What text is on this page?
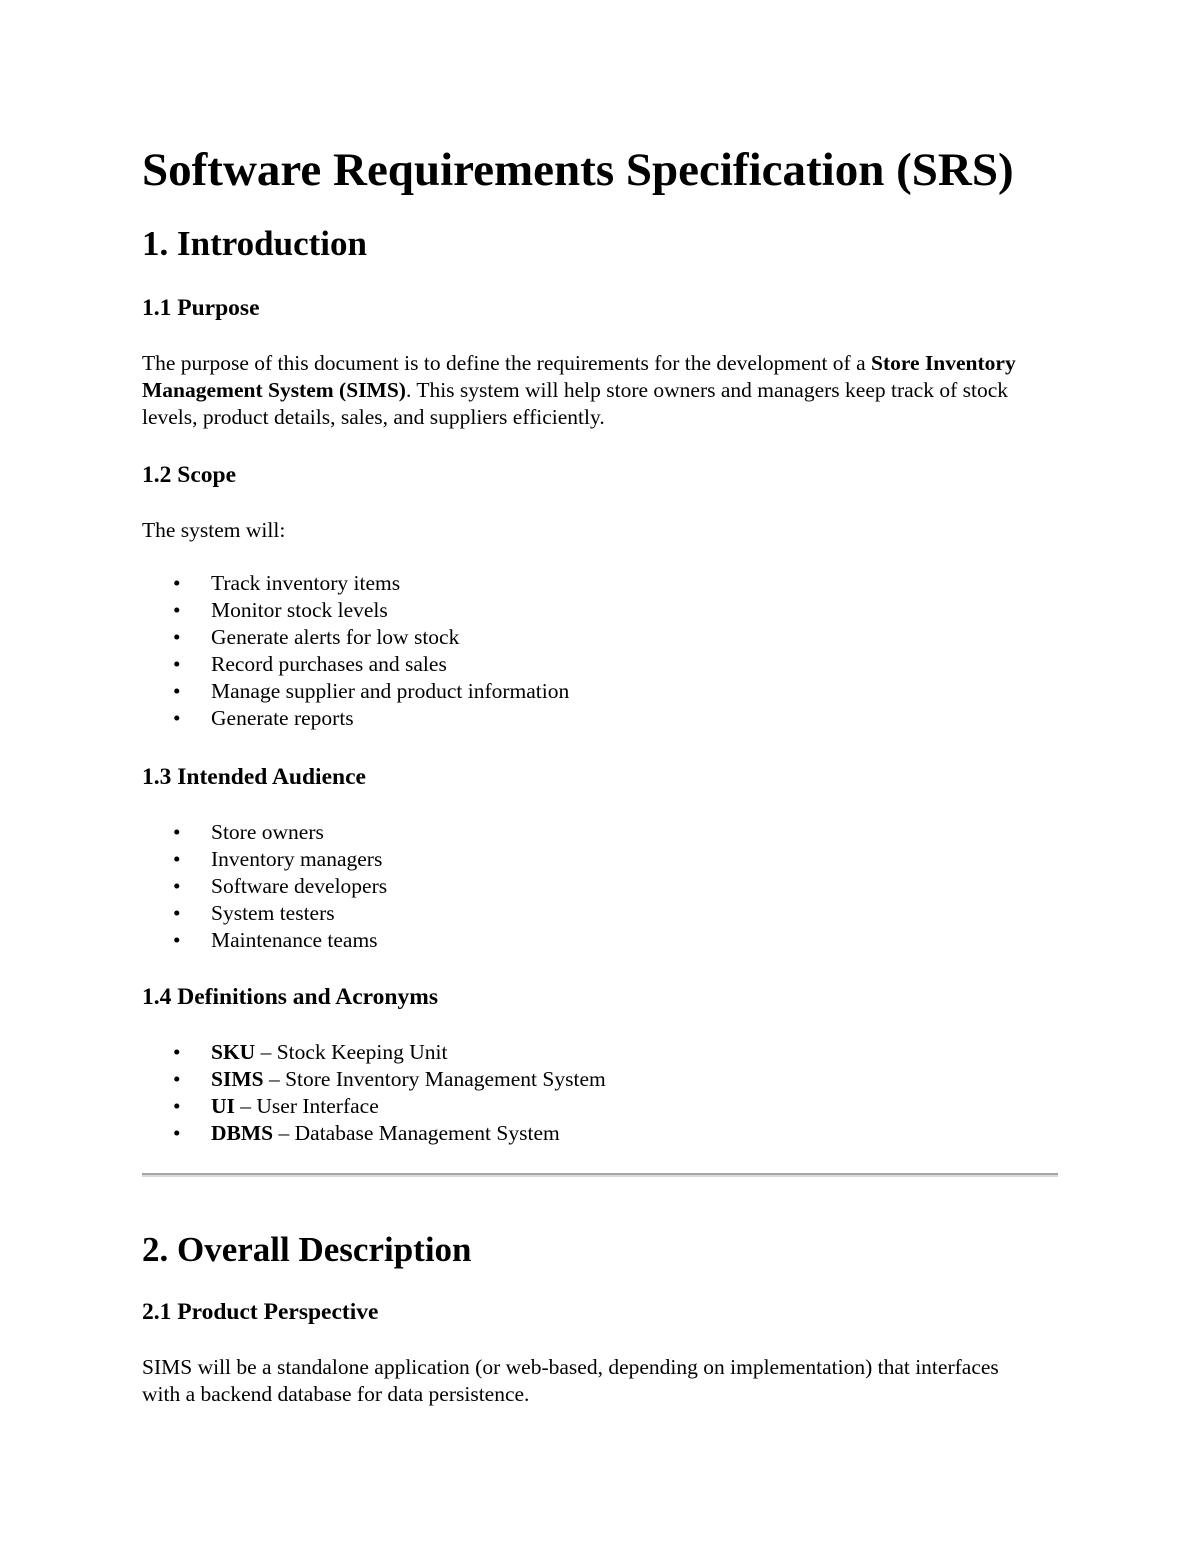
Software Requirements Specification (SRS)
1. Introduction
1.1 Purpose

The purpose of this document is to define the requirements for the development of a Store Inventory Management System (SIMS). This system will help store owners and managers keep track of stock levels, product details, sales, and suppliers efficiently.

1.2 Scope

The system will:

• Track inventory items
• Monitor stock levels
• Generate alerts for low stock
• Record purchases and sales
• Manage supplier and product information
• Generate reports
1.3 Intended Audience
• Store owners
• Inventory managers
• Software developers
• System testers
• Maintenance teams
1.4 Definitions and Acronyms
• SKU – Stock Keeping Unit
• SIMS – Store Inventory Management System
• UI – User Interface
• DBMS – Database Management System
2. Overall Description
2.1 Product Perspective

SIMS will be a standalone application (or web-based, depending on implementation) that interfaces with a backend database for data persistence.
